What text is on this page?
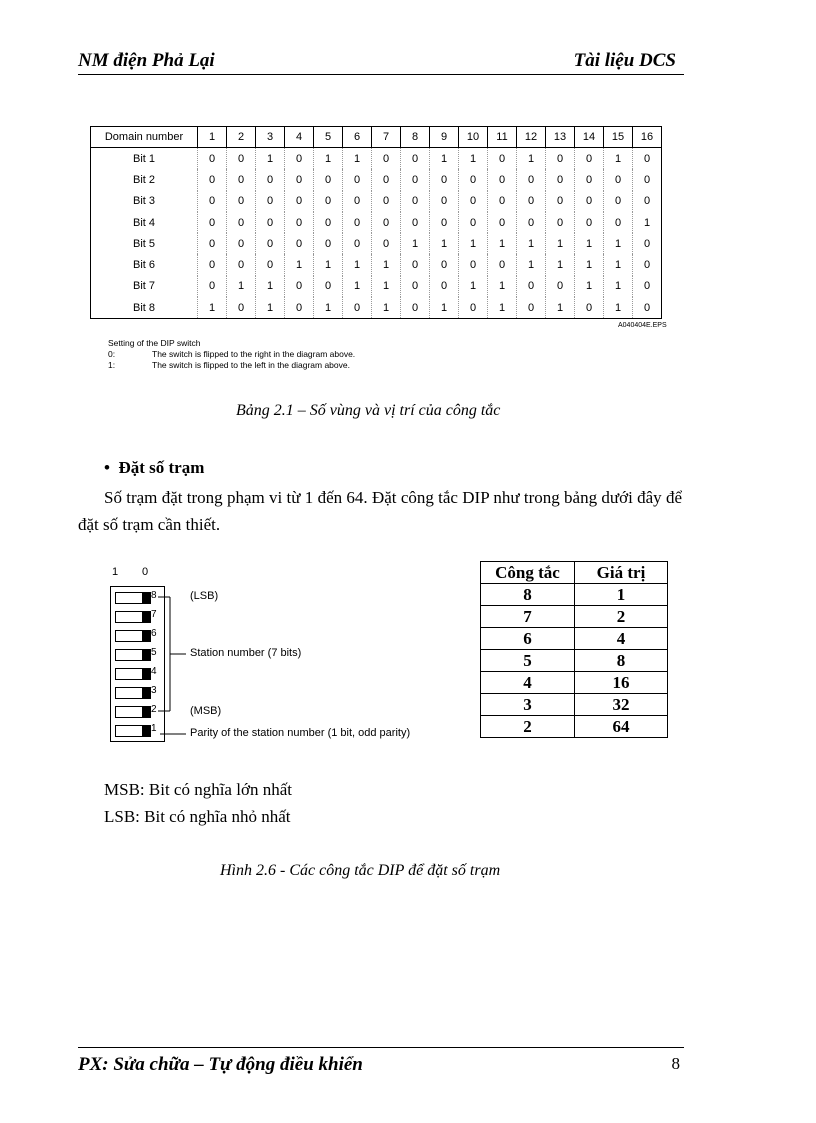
NM điện Phả Lại	Tài liệu DCS
Domain number	1	2	3	4	5	6	7	8	9	10	11	12	13	14	15	16
Bit 1	0	0	1	0	1	1	0	0	1	1	0	1	0	0	1	0
Bit 2	0	0	0	0	0	0	0	0	0	0	0	0	0	0	0	0
Bit 3	0	0	0	0	0	0	0	0	0	0	0	0	0	0	0	0
Bit 4	0	0	0	0	0	0	0	0	0	0	0	0	0	0	0	1
Bit 5	0	0	0	0	0	0	0	1	1	1	1	1	1	1	1	0
Bit 6	0	0	0	1	1	1	1	0	0	0	0	1	1	1	1	0
Bit 7	0	1	1	0	0	1	1	0	0	1	1	0	0	1	1	0
Bit 8	1	0	1	0	1	0	1	0	1	0	1	0	1	0	1	0
A040404E.EPS
Setting of the DIP switch
0:	The switch is flipped to the right in the diagram above.
1:	The switch is flipped to the left in the diagram above.
Bảng 2.1 – Số vùng và vị trí của công tắc
•  Đặt số trạm
Số trạm đặt trong phạm vi từ 1 đến 64. Đặt công tắc DIP như trong bảng dưới đây để đặt số trạm cần thiết.
1 0
8
7
6
5
4
3
2
1
(LSB)
Station number (7 bits)
(MSB)
Parity of the station number (1 bit, odd parity)
Công tắc	Giá trị
8	1
7	2
6	4
5	8
4	16
3	32
2	64
MSB: Bit có nghĩa lớn nhất
LSB: Bit có nghĩa nhỏ nhất
Hình 2.6 - Các công tắc DIP để đặt số trạm
PX: Sửa chữa – Tự động điều khiển	8
